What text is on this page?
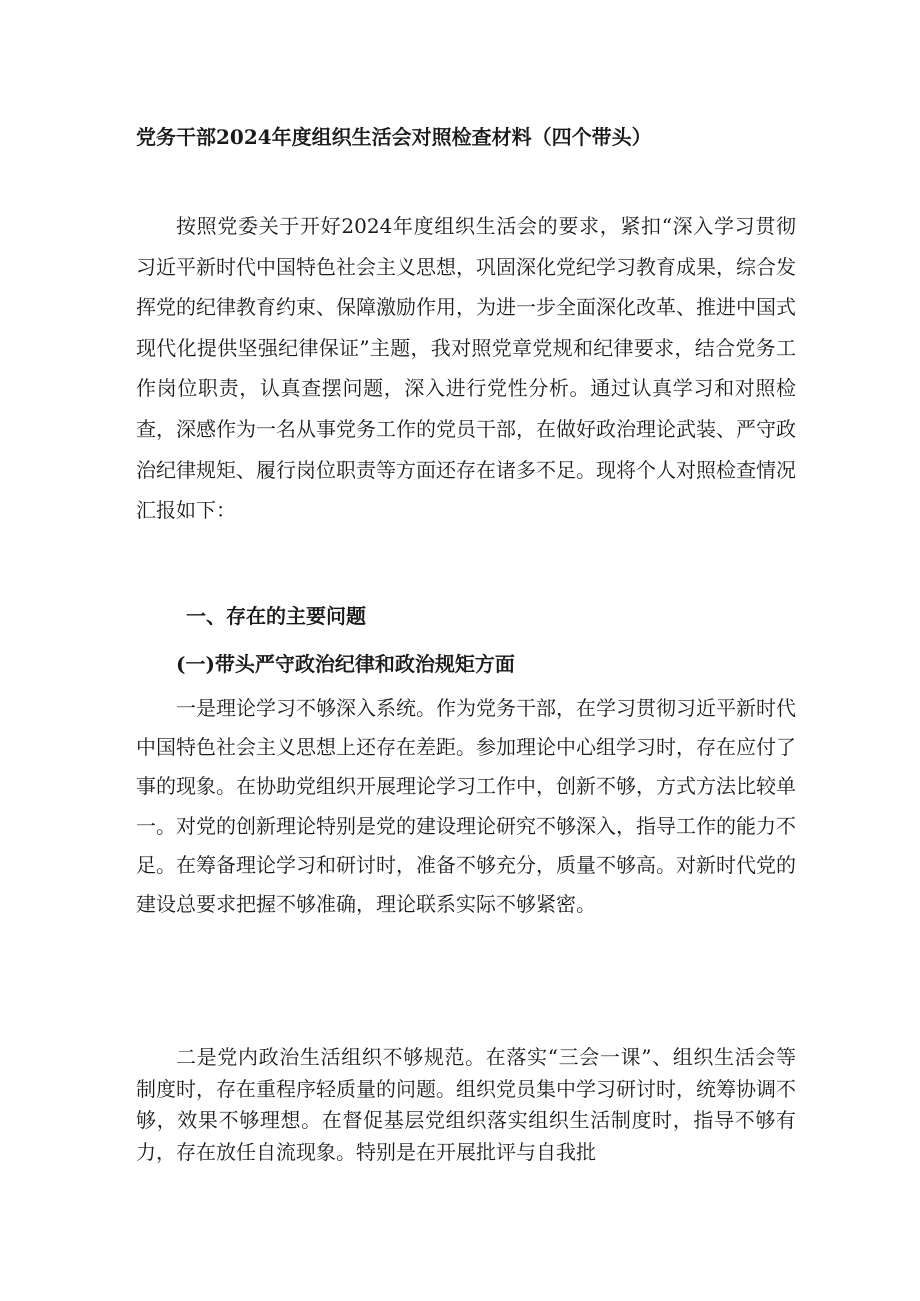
党务干部2024年度组织生活会对照检查材料（四个带头）

按照党委关于开好2024年度组织生活会的要求，紧扣“深入学习贯彻习近平新时代中国特色社会主义思想，巩固深化党纪学习教育成果，综合发挥党的纪律教育约束、保障激励作用，为进一步全面深化改革、推进中国式现代化提供坚强纪律保证”主题，我对照党章党规和纪律要求，结合党务工作岗位职责，认真查摆问题，深入进行党性分析。通过认真学习和对照检查，深感作为一名从事党务工作的党员干部，在做好政治理论武装、严守政治纪律规矩、履行岗位职责等方面还存在诸多不足。现将个人对照检查情况汇报如下：

一、存在的主要问题
(一)带头严守政治纪律和政治规矩方面

一是理论学习不够深入系统。作为党务干部，在学习贯彻习近平新时代中国特色社会主义思想上还存在差距。参加理论中心组学习时，存在应付了事的现象。在协助党组织开展理论学习工作中，创新不够，方式方法比较单一。对党的创新理论特别是党的建设理论研究不够深入，指导工作的能力不足。在筹备理论学习和研讨时，准备不够充分，质量不够高。对新时代党的建设总要求把握不够准确，理论联系实际不够紧密。

二是党内政治生活组织不够规范。在落实“三会一课”、组织生活会等制度时，存在重程序轻质量的问题。组织党员集中学习研讨时，统筹协调不够，效果不够理想。在督促基层党组织落实组织生活制度时，指导不够有力，存在放任自流现象。特别是在开展批评与自我批
